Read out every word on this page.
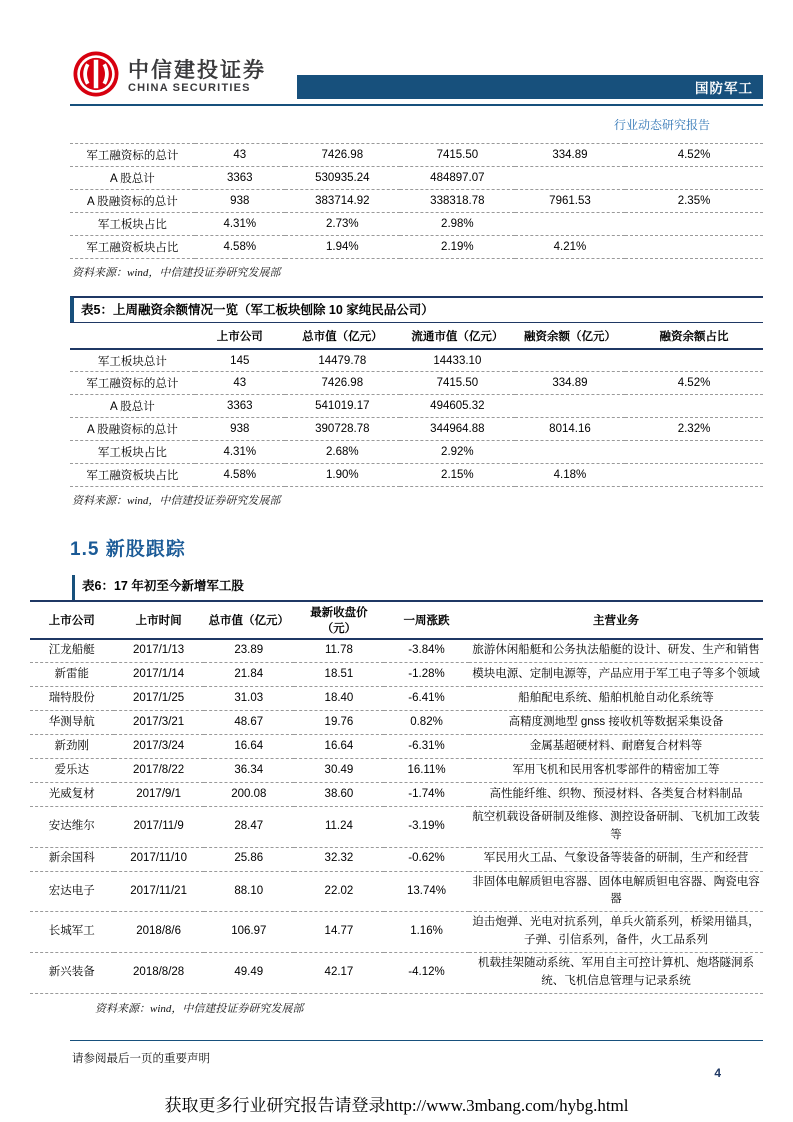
中信建投证券
CHINA SECURITIES	国防军工
行业动态研究报告
军工融资标的总计	43	7426.98	7415.50	334.89	4.52%
A 股总计	3363	530935.24	484897.07		
A 股融资标的总计	938	383714.92	338318.78	7961.53	2.35%
军工板块占比	4.31%	2.73%	2.98%		
军工融资板块占比	4.58%	1.94%	2.19%	4.21%	
资料来源：wind，中信建投证券研究发展部
表5：上周融资余额情况一览（军工板块刨除 10 家纯民品公司）
	上市公司	总市值（亿元）	流通市值（亿元）	融资余额（亿元）	融资余额占比
军工板块总计	145	14479.78	14433.10		
军工融资标的总计	43	7426.98	7415.50	334.89	4.52%
A 股总计	3363	541019.17	494605.32		
A 股融资标的总计	938	390728.78	344964.88	8014.16	2.32%
军工板块占比	4.31%	2.68%	2.92%		
军工融资板块占比	4.58%	1.90%	2.15%	4.18%	
资料来源：wind，中信建投证券研究发展部
1.5 新股跟踪
表6：17 年初至今新增军工股
上市公司	上市时间	总市值（亿元）	最新收盘价（元）	一周涨跌	主营业务
江龙船艇	2017/1/13	23.89	11.78	-3.84%	旅游休闲船艇和公务执法船艇的设计、研发、生产和销售
新雷能	2017/1/14	21.84	18.51	-1.28%	模块电源、定制电源等，产品应用于军工电子等多个领域
瑞特股份	2017/1/25	31.03	18.40	-6.41%	船舶配电系统、船舶机舱自动化系统等
华测导航	2017/3/21	48.67	19.76	0.82%	高精度测地型 gnss 接收机等数据采集设备
新劲刚	2017/3/24	16.64	16.64	-6.31%	金属基超硬材料、耐磨复合材料等
爱乐达	2017/8/22	36.34	30.49	16.11%	军用飞机和民用客机零部件的精密加工等
光威复材	2017/9/1	200.08	38.60	-1.74%	高性能纤维、织物、预浸材料、各类复合材料制品
安达维尔	2017/11/9	28.47	11.24	-3.19%	航空机载设备研制及维修、测控设备研制、飞机加工改装等
新余国科	2017/11/10	25.86	32.32	-0.62%	军民用火工品、气象设备等装备的研制，生产和经营
宏达电子	2017/11/21	88.10	22.02	13.74%	非固体电解质钽电容器、固体电解质钽电容器、陶瓷电容器
长城军工	2018/8/6	106.97	14.77	1.16%	迫击炮弹、光电对抗系列，单兵火箭系列，桥梁用锚具，子弹、引信系列，备件，火工品系列
新兴装备	2018/8/28	49.49	42.17	-4.12%	机载挂架随动系统、军用自主可控计算机、炮塔隧洞系统、飞机信息管理与记录系统
资料来源：wind，中信建投证券研究发展部
请参阅最后一页的重要声明
4
获取更多行业研究报告请登录http://www.3mbang.com/hybg.html
